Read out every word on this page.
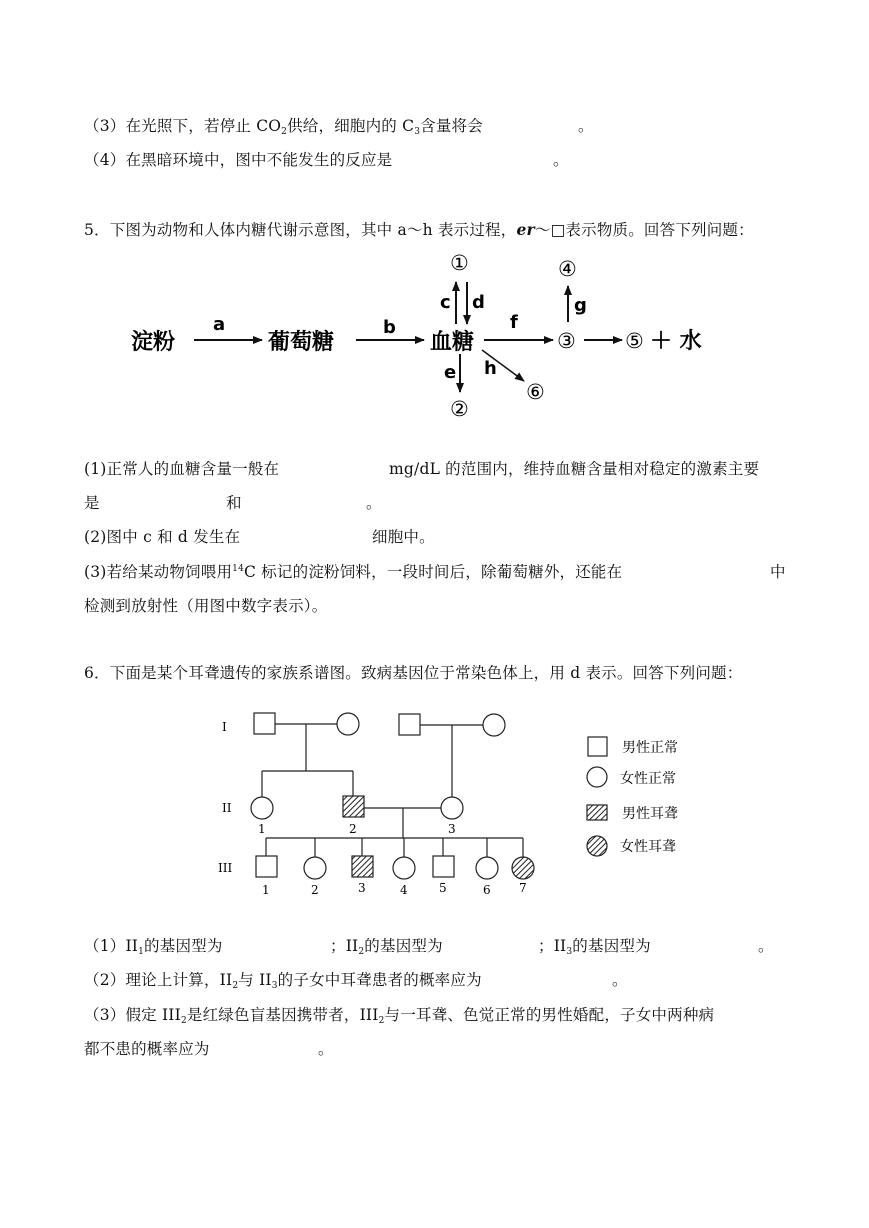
（3）在光照下，若停止 CO2供给，细胞内的 C3含量将会	。
（4）在黑暗环境中，图中不能发生的反应是	。
5．下图为动物和人体内糖代谢示意图，其中 a～h 表示过程，er～□表示物质。回答下列问题：
淀粉
a
葡萄糖
b
血糖
c d
①
e
②
h
⑥
f
③
g
④
⑤ ＋ 水
I
II
III
1	2	3
1	2	3	4	5	6 7
男性正常
女性正常
男性耳聋
女性耳聋
(1)正常人的血糖含量一般在	mg/dL 的范围内，维持血糖含量相对稳定的激素主要
是	和	。
(2)图中 c 和 d 发生在	细胞中。
(3)若给某动物饲喂用$^{14}$C 标记的淀粉饲料，一段时间后，除葡萄糖外，还能在	中
检测到放射性（用图中数字表示）。
6．下面是某个耳聋遗传的家族系谱图。致病基因位于常染色体上，用 d 表示。回答下列问题：
（1）II1的基因型为	；II2的基因型为	；II3的基因型为	。
（2）理论上计算，II2与 II3的子女中耳聋患者的概率应为	。
（3）假定 III2是红绿色盲基因携带者，III2与一耳聋、色觉正常的男性婚配，子女中两种病
都不患的概率应为	。
